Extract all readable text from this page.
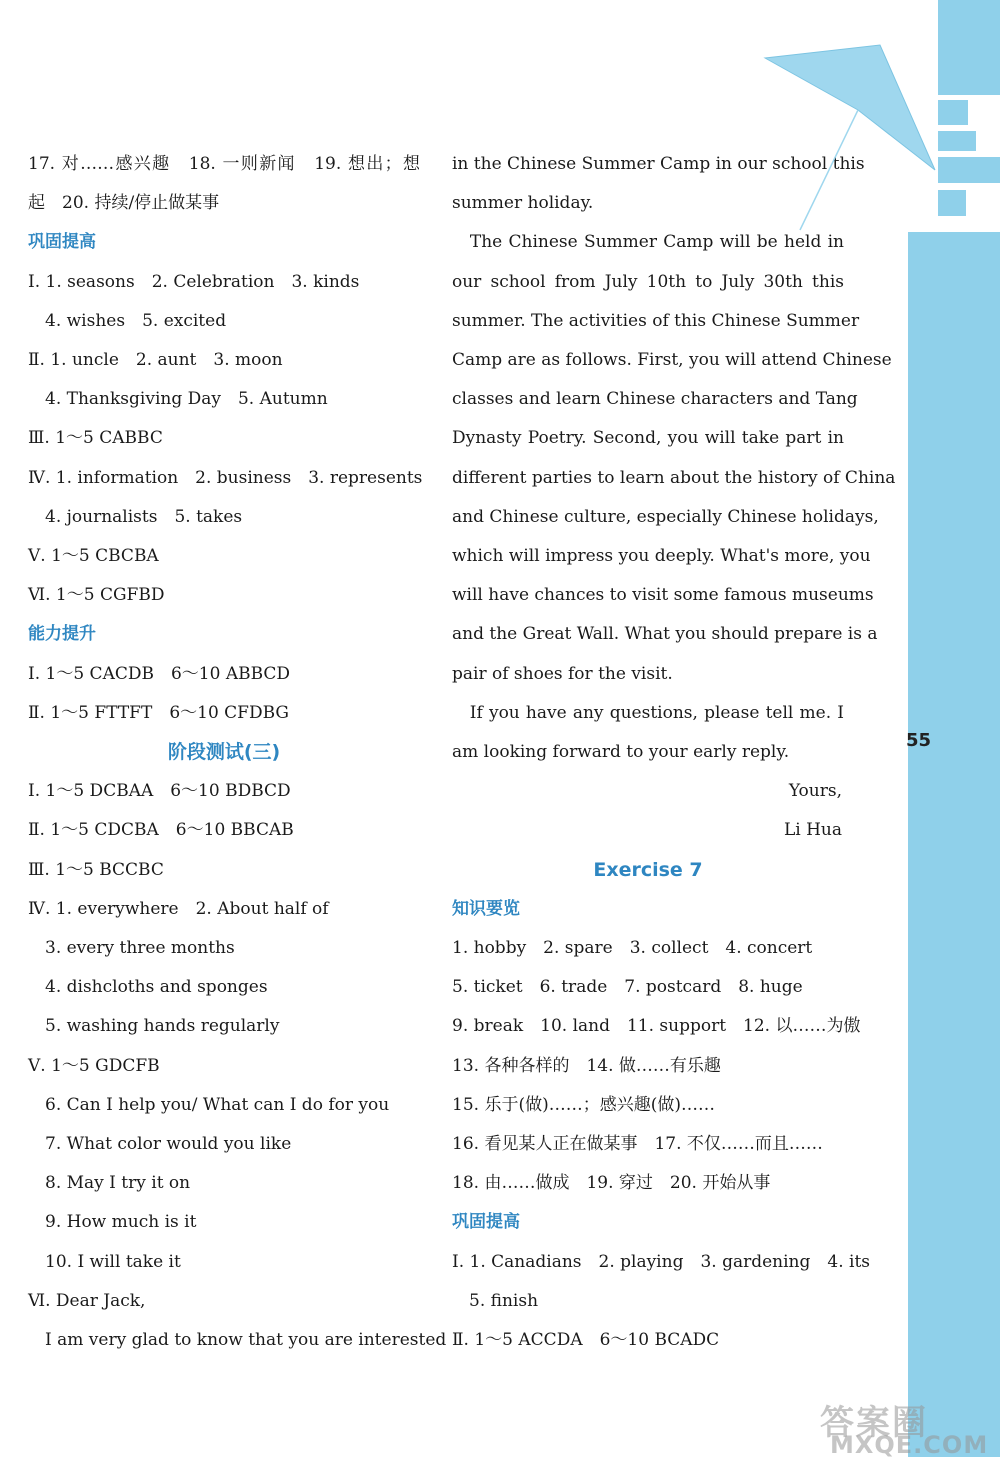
17. 对……感兴趣　18. 一则新闻　19. 想出；想
起　20. 持续/停止做某事
巩固提高
Ⅰ. 1. seasons　2. Celebration　3. kinds
　4. wishes　5. excited
Ⅱ. 1. uncle　2. aunt　3. moon
　4. Thanksgiving Day　5. Autumn
Ⅲ. 1～5 CABBC
Ⅳ. 1. information　2. business　3. represents
　4. journalists　5. takes
Ⅴ. 1～5 CBCBA
Ⅵ. 1～5 CGFBD
能力提升
Ⅰ. 1～5 CACDB　6～10 ABBCD
Ⅱ. 1～5 FTTFT　6～10 CFDBG
阶段测试(三)
Ⅰ. 1～5 DCBAA　6～10 BDBCD
Ⅱ. 1～5 CDCBA　6～10 BBCAB
Ⅲ. 1～5 BCCBC
Ⅳ. 1. everywhere　2. About half of
　3. every three months
　4. dishcloths and sponges
　5. washing hands regularly
Ⅴ. 1～5 GDCFB
　6. Can I help you/ What can I do for you
　7. What color would you like
　8. May I try it on
　9. How much is it
　10. I will take it
Ⅵ. Dear Jack,
　I am very glad to know that you are interested
in the Chinese Summer Camp in our school this
summer holiday.
　The Chinese Summer Camp will be held in
our school from July 10th to July 30th this
summer. The activities of this Chinese Summer
Camp are as follows. First, you will attend Chinese
classes and learn Chinese characters and Tang
Dynasty Poetry. Second, you will take part in
different parties to learn about the history of China
and Chinese culture, especially Chinese holidays,
which will impress you deeply. What's more, you
will have chances to visit some famous museums
and the Great Wall. What you should prepare is a
pair of shoes for the visit.
　If you have any questions, please tell me. I
am looking forward to your early reply.
Yours,
Li Hua
Exercise 7
知识要览
1. hobby　2. spare　3. collect　4. concert
5. ticket　6. trade　7. postcard　8. huge
9. break　10. land　11. support　12. 以……为傲
13. 各种各样的　14. 做……有乐趣
15. 乐于(做)……；感兴趣(做)……
16. 看见某人正在做某事　17. 不仅……而且……
18. 由……做成　19. 穿过　20. 开始从事
巩固提高
Ⅰ. 1. Canadians　2. playing　3. gardening　4. its
　5. finish
Ⅱ. 1～5 ACCDA　6～10 BCADC
55
答案圈
MXQE.COM
